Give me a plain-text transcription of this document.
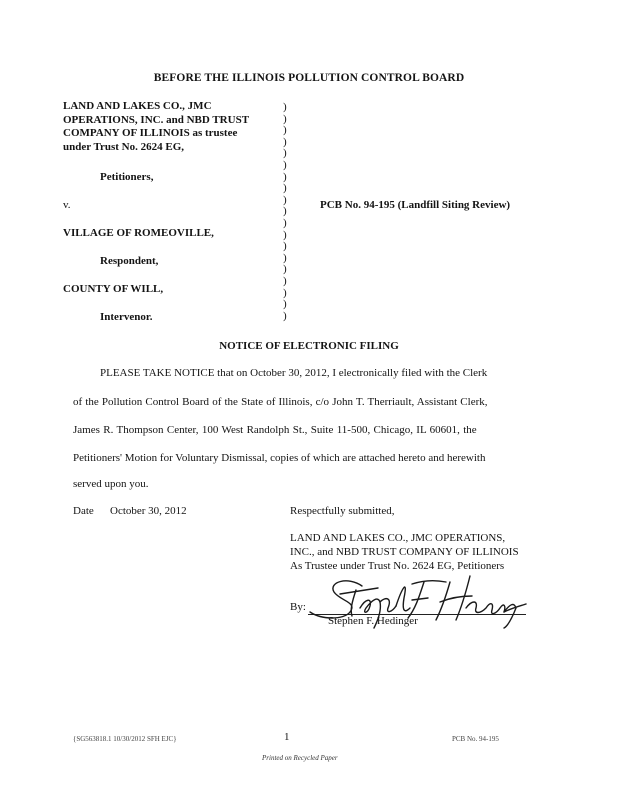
BEFORE THE ILLINOIS POLLUTION CONTROL BOARD
LAND AND LAKES CO., JMC
OPERATIONS, INC. and NBD TRUST
COMPANY OF ILLINOIS as trustee
under Trust No. 2624 EG,
Petitioners,
v.
VILLAGE OF ROMEOVILLE,
Respondent,
COUNTY OF WILL,
Intervenor.
)
)
)
)
)
)
)
)
)
)
)
)
)
)
)
)
)
)
)
PCB No. 94-195 (Landfill Siting Review)
NOTICE OF ELECTRONIC FILING
PLEASE TAKE NOTICE that on October 30, 2012, I electronically filed with the Clerk
of the Pollution Control Board of the State of Illinois, c/o John T. Therriault, Assistant Clerk,
James R. Thompson Center, 100 West Randolph St., Suite 11-500, Chicago, IL 60601, the
Petitioners' Motion for Voluntary Dismissal, copies of which are attached hereto and herewith
served upon you.
Date October 30, 2012	Respectfully submitted,
LAND AND LAKES CO., JMC OPERATIONS,
INC., and NBD TRUST COMPANY OF ILLINOIS
As Trustee under Trust No. 2624 EG, Petitioners
By:
Stephen F. Hedinger
{SG563818.1 10/30/2012 SFH EJC}	1	PCB No. 94-195
Printed on Recycled Paper
